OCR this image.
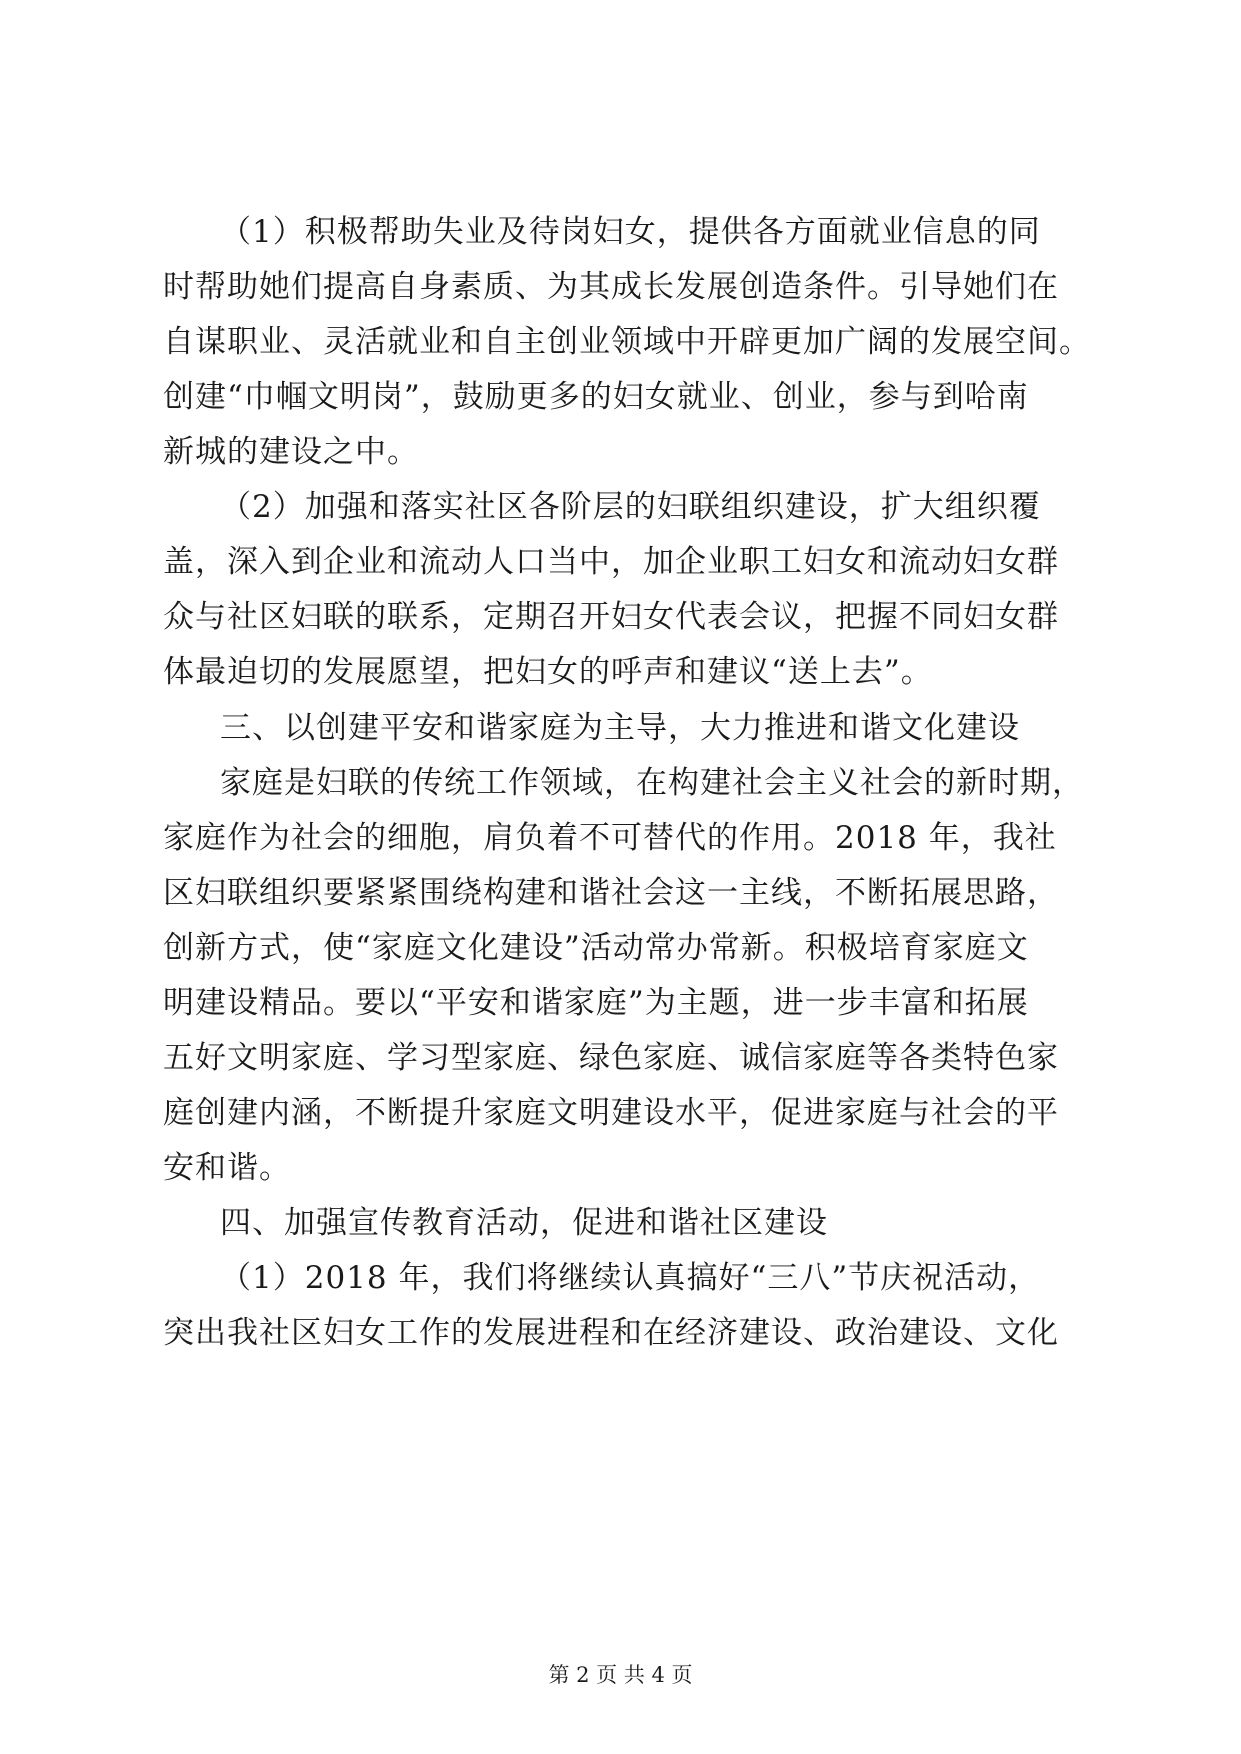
（1）积极帮助失业及待岗妇女，提供各方面就业信息的同
时帮助她们提高自身素质、为其成长发展创造条件。引导她们在
自谋职业、灵活就业和自主创业领域中开辟更加广阔的发展空间。
创建“巾帼文明岗”，鼓励更多的妇女就业、创业，参与到哈南
新城的建设之中。
（2）加强和落实社区各阶层的妇联组织建设，扩大组织覆
盖，深入到企业和流动人口当中，加企业职工妇女和流动妇女群
众与社区妇联的联系，定期召开妇女代表会议，把握不同妇女群
体最迫切的发展愿望，把妇女的呼声和建议“送上去”。
三、以创建平安和谐家庭为主导，大力推进和谐文化建设
家庭是妇联的传统工作领域，在构建社会主义社会的新时期，
家庭作为社会的细胞，肩负着不可替代的作用。2018 年，我社
区妇联组织要紧紧围绕构建和谐社会这一主线，不断拓展思路，
创新方式，使“家庭文化建设”活动常办常新。积极培育家庭文
明建设精品。要以“平安和谐家庭”为主题，进一步丰富和拓展
五好文明家庭、学习型家庭、绿色家庭、诚信家庭等各类特色家
庭创建内涵，不断提升家庭文明建设水平，促进家庭与社会的平
安和谐。
四、加强宣传教育活动，促进和谐社区建设
（1）2018 年，我们将继续认真搞好“三八”节庆祝活动，
突出我社区妇女工作的发展进程和在经济建设、政治建设、文化
第 2 页 共 4 页
